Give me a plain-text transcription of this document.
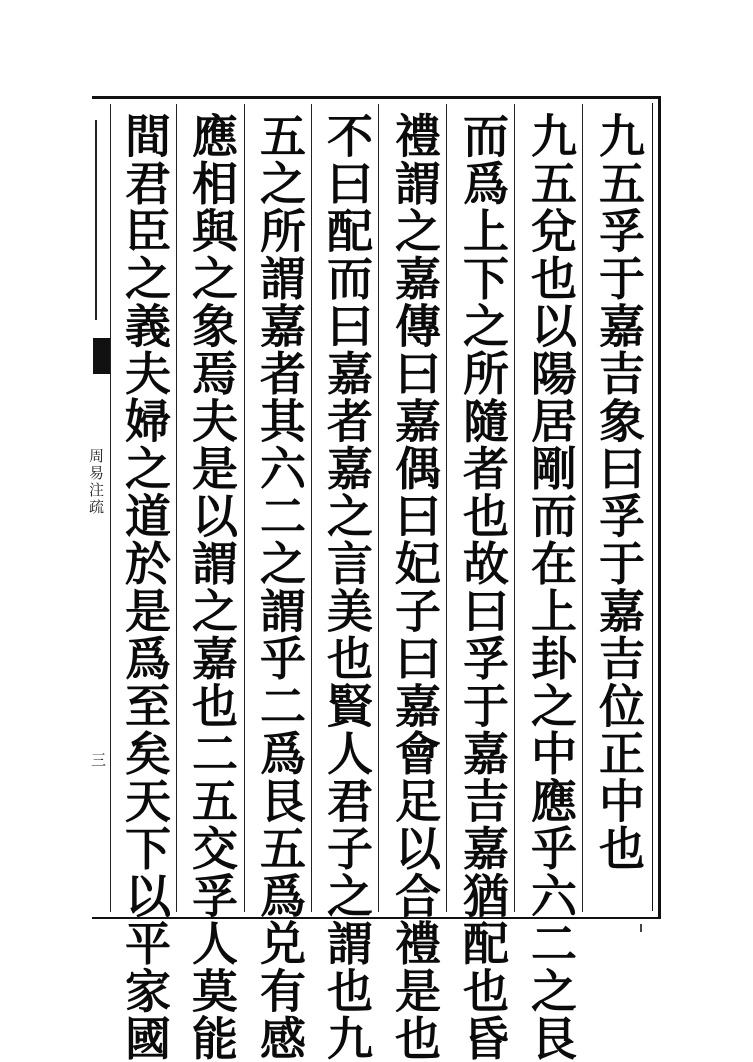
周易注疏
三	九五孚于嘉吉象曰孚于嘉吉位正中也
九五兌也以陽居剛而在上卦之中應乎六二之艮
而爲上下之所隨者也故曰孚于嘉吉嘉猶配也昏
禮謂之嘉傳曰嘉偶曰妃子曰嘉會足以合禮是也
不曰配而曰嘉者嘉之言美也賢人君子之謂也九
五之所謂嘉者其六二之謂乎二爲艮五爲兑有感
應相與之象焉夫是以謂之嘉也二五交孚人莫能
間君臣之義夫婦之道於是爲至矣天下以平家國
